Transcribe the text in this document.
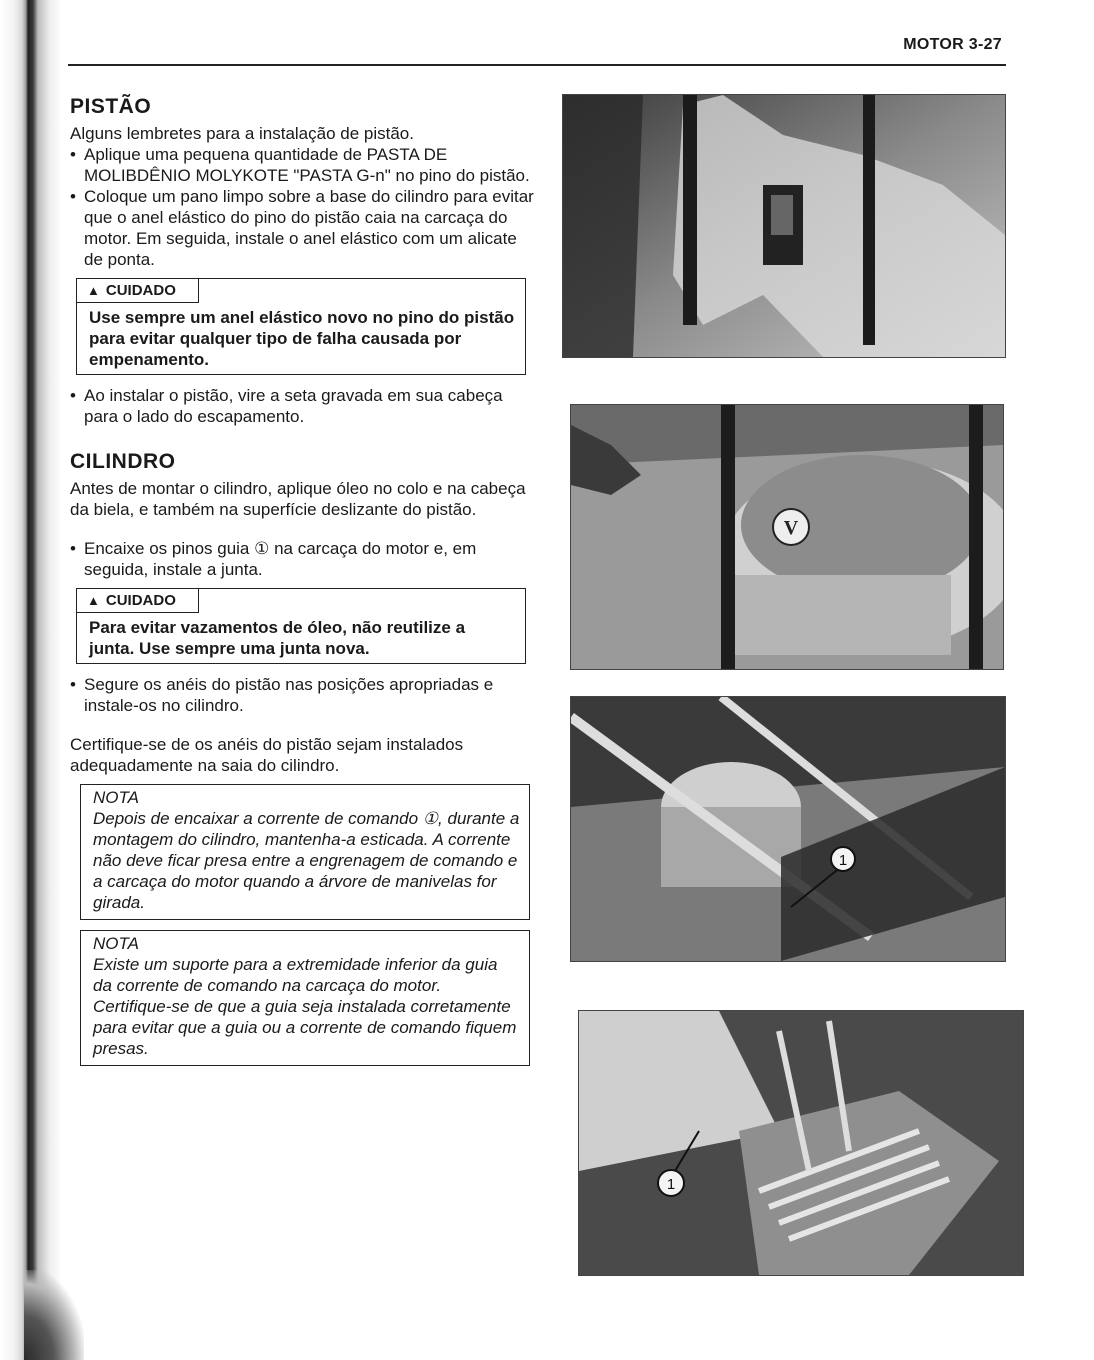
MOTOR 3-27
PISTÃO

Alguns lembretes para a instalação de pistão.

• Aplique uma pequena quantidade de PASTA DE MOLIBDÊNIO MOLYKOTE "PASTA G-n" no pino do pistão.

• Coloque um pano limpo sobre a base do cilindro para evitar que o anel elástico do pino do pistão caia na carcaça do motor. Em seguida, instale o anel elástico com um alicate de ponta.

▲ CUIDADO
Use sempre um anel elástico novo no pino do pistão para evitar qualquer tipo de falha causada por empenamento.

• Ao instalar o pistão, vire a seta gravada em sua cabeça para o lado do escapamento.

CILINDRO

Antes de montar o cilindro, aplique óleo no colo e na cabeça da biela, e também na superfície deslizante do pistão.

• Encaixe os pinos guia ① na carcaça do motor e, em seguida, instale a junta.

▲ CUIDADO
Para evitar vazamentos de óleo, não reutilize a junta. Use sempre uma junta nova.

• Segure os anéis do pistão nas posições apropriadas e instale-os no cilindro.

Certifique-se de os anéis do pistão sejam instalados adequadamente na saia do cilindro.

NOTA

Depois de encaixar a corrente de comando ①, durante a montagem do cilindro, mantenha-a esticada. A corrente não deve ficar presa entre a engrenagem de comando e a carcaça do motor quando a árvore de manivelas for girada.

NOTA

Existe um suporte para a extremidade inferior da guia da corrente de comando na carcaça do motor. Certifique-se de que a guia seja instalada corretamente para evitar que a guia ou a corrente de comando fiquem presas.
V
1
1
